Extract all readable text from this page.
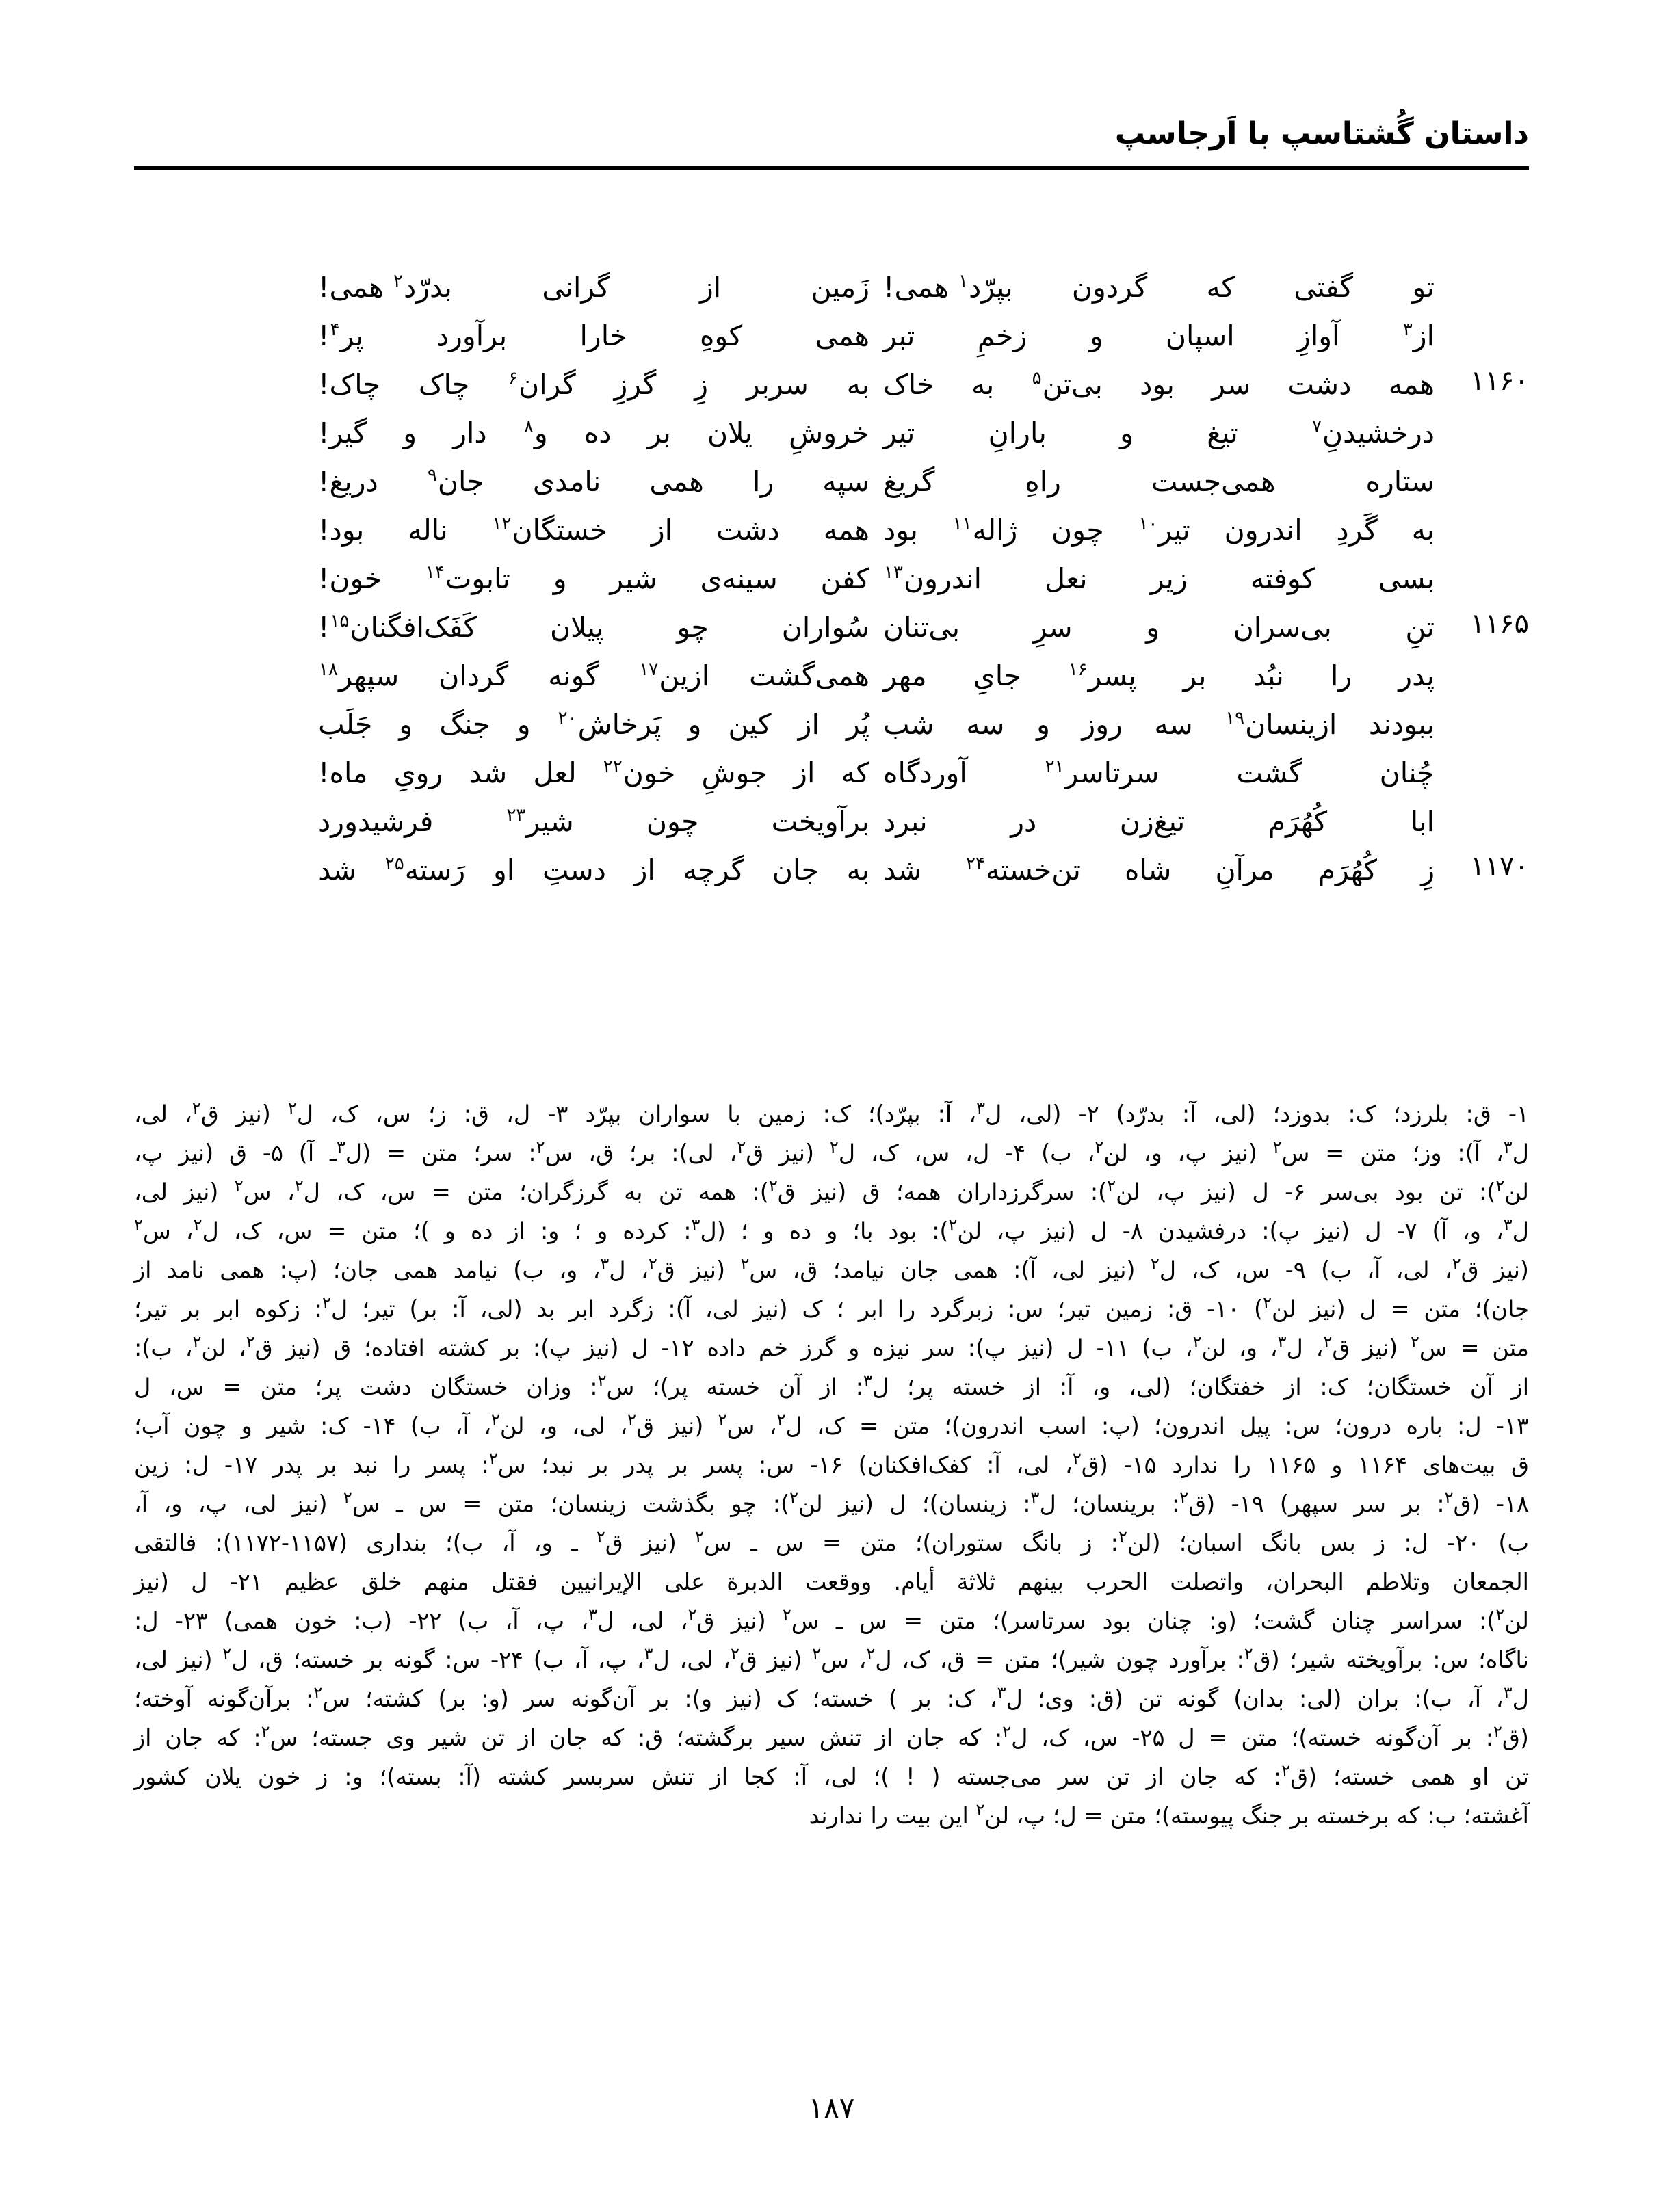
داستان گُشتاسپ با اَرجاسپ
تو
گفتی
که
گردون
بپرّد$^۱$ همی!
زَمین
از
گرانی
بدرّد$^۲$ همی!
از$^۳$
آوازِ
اسپان
و
زخمِ
تبر
همی
کوهِ
خارا
برآورد
پر$^۴$!
۱۱۶۰
همه
دشت
سر
بود
بی‌تن$^۵$
به
خاک
به
سربر
زِ
گرزِ
گران$^۶$
چاک
چاک!
درخشیدنِ$^۷$
تیغ
و
بارانِ
تیر
خروشِ
یلان
بر
ده
و$^۸$
دار
و
گیر!
ستاره
همی‌جست
راهِ
گریغ
سپه
را
همی
نامدی
جان$^۹$
دریغ!
به
گَردِ
اندرون
تیر$^{۱۰}$
چون
ژاله$^{۱۱}$
بود
همه
دشت
از
خستگان$^{۱۲}$
ناله
بود!
بسی
کوفته
زیر
نعل
اندرون$^{۱۳}$
کفن
سینه‌ی
شیر
و
تابوت$^{۱۴}$
خون!
۱۱۶۵
تنِ
بی‌سران
و
سرِ
بی‌تنان
سُواران
چو
پیلان
کَفَک‌افگنان$^{۱۵}$!
پدر
را
نبُد
بر
پسر$^{۱۶}$
جایِ
مهر
همی‌گشت
ازین$^{۱۷}$
گونه
گردان
سپهر$^{۱۸}$
ببودند
ازینسان$^{۱۹}$
سه
روز
و
سه
شب
پُر
از
کین
و
پَرخاش$^{۲۰}$
و
جنگ
و
جَلَب
چُنان
گشت
سرتاسر$^{۲۱}$
آوردگاه
که
از
جوشِ
خون$^{۲۲}$
لعل
شد
رویِ
ماه!
ابا
کُهُرَم
تیغ‌زن
در
نبرد
برآویخت
چون
شیر$^{۲۳}$
فرشیدورد
۱۱۷۰
زِ
کُهُرَم
مرآنِ
شاه
تن‌خسته$^{۲۴}$
شد
به
جان
گرچه
از
دستِ
او
رَسته$^{۲۵}$
شد

۱- ق: بلرزد؛ ک: بدوزد؛ (لی، آ: بدرّد) ۲- (لی، ل$^۳$، آ: بپرّد)؛ ک: زمین با سواران بپرّد ۳- ل، ق: ز؛ س، ک، ل$^۲$ (نیز ق$^۲$، لی،

ل$^۳$، آ): وز؛ متن = س$^۲$ (نیز پ، و، لن$^۲$، ب) ۴- ل، س، ک، ل$^۲$ (نیز ق$^۲$، لی): بر؛ ق، س$^۲$: سر؛ متن = (ل$^۳$ـ آ) ۵- ق (نیز پ،

لن$^۲$): تن بود بی‌سر ۶- ل (نیز پ، لن$^۲$): سرگرزداران همه؛ ق (نیز ق$^۲$): همه تن به گرزگران؛ متن = س، ک، ل$^۲$، س$^۲$ (نیز لی،

ل$^۳$، و، آ) ۷- ل (نیز پ): درفشیدن ۸- ل (نیز پ، لن$^۲$): بود با؛ و ده و ؛ (ل$^۳$: کرده و ؛ و: از ده و )؛ متن = س، ک، ل$^۲$، س$^۲$

(نیز ق$^۲$، لی، آ، ب) ۹- س، ک، ل$^۲$ (نیز لی، آ): همی جان نیامد؛ ق، س$^۲$ (نیز ق$^۲$، ل$^۳$، و، ب) نیامد همی جان؛ (پ: همی نامد از

جان)؛ متن = ل (نیز لن$^۲$) ۱۰- ق: زمین تیر؛ س: زبرگرد را ابر ؛ ک (نیز لی، آ): زگرد ابر بد (لی، آ: بر) تیر؛ ل$^۲$: زکوه ابر بر تیر؛

متن = س$^۲$ (نیز ق$^۲$، ل$^۳$، و، لن$^۲$، ب) ۱۱- ل (نیز پ): سر نیزه و گرز خم داده ۱۲- ل (نیز پ): بر کشته افتاده؛ ق (نیز ق$^۲$، لن$^۲$، ب):

از آن خستگان؛ ک: از خفتگان؛ (لی، و، آ: از خسته پر؛ ل$^۳$: از آن خسته پر)؛ س$^۲$: وزان خستگان دشت پر؛ متن = س، ل

۱۳- ل: باره درون؛ س: پیل اندرون؛ (پ: اسب اندرون)؛ متن = ک، ل$^۲$، س$^۲$ (نیز ق$^۲$، لی، و، لن$^۲$، آ، ب) ۱۴- ک: شیر و چون آب؛

ق بیت‌های ۱۱۶۴ و ۱۱۶۵ را ندارد ۱۵- (ق$^۲$، لی، آ: کفک‌افکنان) ۱۶- س: پسر بر پدر بر نبد؛ س$^۲$: پسر را نبد بر پدر ۱۷- ل: زین

۱۸- (ق$^۲$: بر سر سپهر) ۱۹- (ق$^۲$: برینسان؛ ل$^۳$: زینسان)؛ ل (نیز لن$^۲$): چو بگذشت زینسان؛ متن = س ـ س$^۲$ (نیز لی، پ، و، آ،

ب) ۲۰- ل: ز بس بانگ اسبان؛ (لن$^۲$: ز بانگ ستوران)؛ متن = س ـ س$^۲$ (نیز ق$^۲$ ـ و، آ، ب)؛ بنداری (۱۱۵۷-۱۱۷۲): فالتقی

الجمعان وتلاطم البحران، واتصلت الحرب بینهم ثلاثة أیام. ووقعت الدبرة علی الإیرانیین فقتل منهم خلق عظیم ۲۱- ل (نیز

لن$^۲$): سراسر چنان گشت؛ (و: چنان بود سرتاسر)؛ متن = س ـ س$^۲$ (نیز ق$^۲$، لی، ل$^۳$، پ، آ، ب) ۲۲- (ب: خون همی) ۲۳- ل:

ناگاه؛ س: برآویخته شیر؛ (ق$^۲$: برآورد چون شیر)؛ متن = ق، ک، ل$^۲$، س$^۲$ (نیز ق$^۲$، لی، ل$^۳$، پ، آ، ب) ۲۴- س: گونه بر خسته؛ ق، ل$^۲$ (نیز لی،

ل$^۳$، آ، ب): بران (لی: بدان) گونه تن (ق: وی؛ ل$^۳$، ک: بر ) خسته؛ ک (نیز و): بر آن‌گونه سر (و: بر) کشته؛ س$^۲$: برآن‌گونه آوخته؛

(ق$^۲$: بر آن‌گونه خسته)؛ متن = ل ۲۵- س، ک، ل$^۲$: که جان از تنش سیر برگشته؛ ق: که جان از تن شیر وی جسته؛ س$^۲$: که جان از

تن او همی خسته؛ (ق$^۲$: که جان از تن سر می‌جسته ( ! )؛ لی، آ: کجا از تنش سربسر کشته (آ: بسته)؛ و: ز خون یلان کشور

آغشته؛ ب: که برخسته بر جنگ پیوسته)؛ متن = ل؛ پ، لن$^۲$ این بیت را ندارند

۱۸۷
